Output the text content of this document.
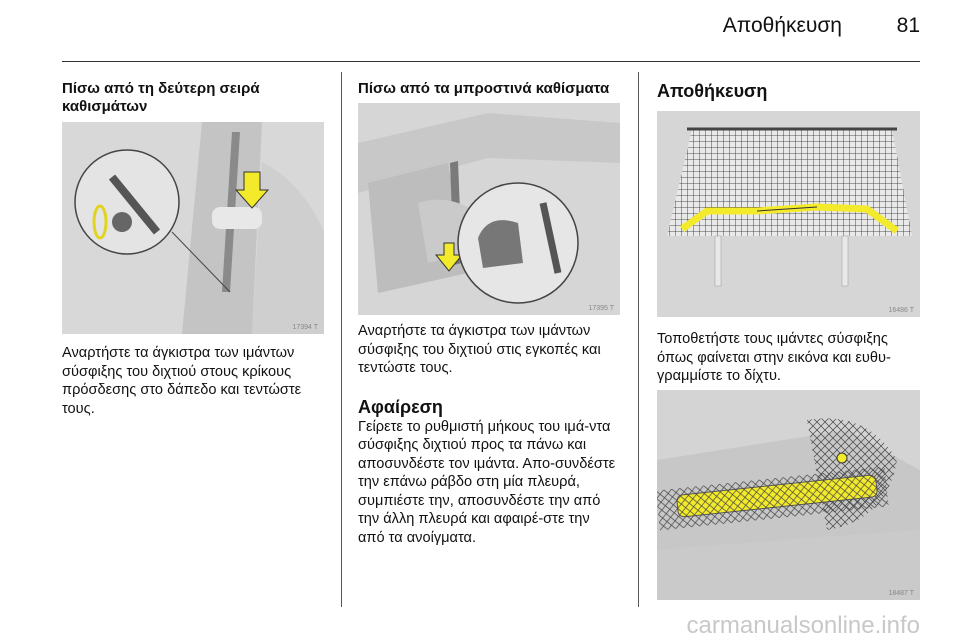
Αποθήκευση	81

Πίσω από τη δεύτερη σειρά καθισμάτων

17394 T

Αναρτήστε τα άγκιστρα των ιμάντων σύσφιξης του διχτιού στους κρίκους πρόσδεσης στο δάπεδο και τεντώστε τους.

Πίσω από τα μπροστινά καθίσματα

17395 T

Αναρτήστε τα άγκιστρα των ιμάντων σύσφιξης του διχτιού στις εγκοπές και τεντώστε τους.

Αφαίρεση

Γείρετε το ρυθμιστή μήκους του ιμά-ντα σύσφιξης διχτιού προς τα πάνω και αποσυνδέστε τον ιμάντα. Απο-συνδέστε την επάνω ράβδο στη μία πλευρά, συμπιέστε την, αποσυνδέστε την από την άλλη πλευρά και αφαιρέ-στε την από τα ανοίγματα.

Αποθήκευση

16486 T

Τοποθετήστε τους ιμάντες σύσφιξης όπως φαίνεται στην εικόνα και ευθυ-γραμμίστε το δίχτυ.

18487 T
carmanualsonline.info
